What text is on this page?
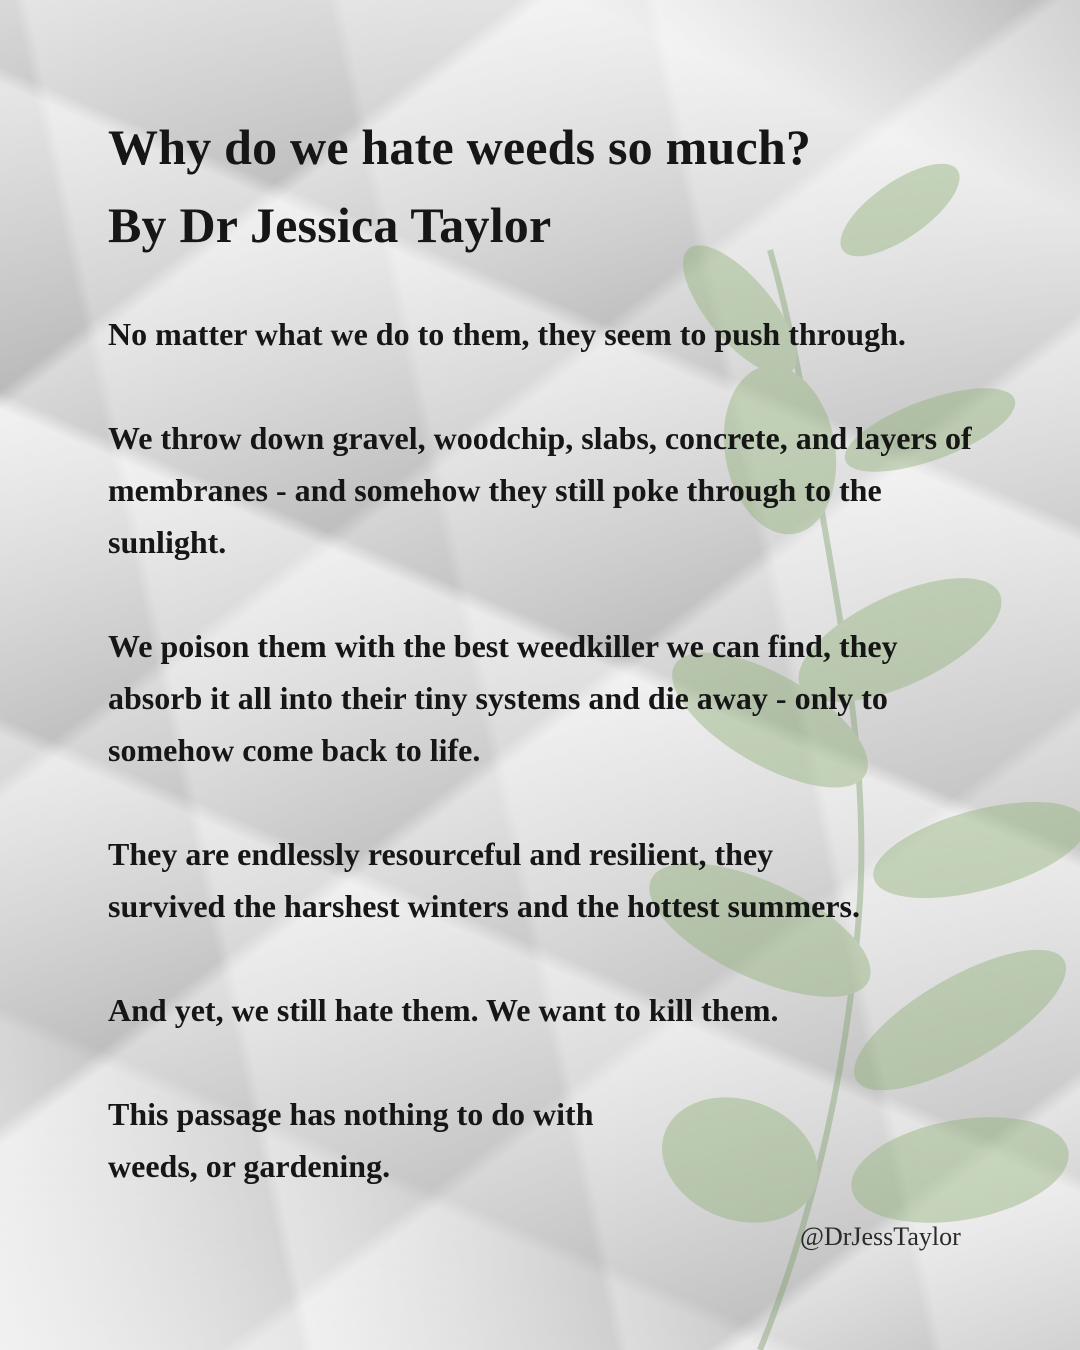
Why do we hate weeds so much?
By Dr Jessica Taylor

No matter what we do to them, they seem to push through.

We throw down gravel, woodchip, slabs, concrete, and layers of membranes - and somehow they still poke through to the sunlight.

We poison them with the best weedkiller we can find, they absorb it all into their tiny systems and die away - only to somehow come back to life.

They are endlessly resourceful and resilient, they survived the harshest winters and the hottest summers.

And yet, we still hate them. We want to kill them.

This passage has nothing to do with weeds, or gardening.

@DrJessTaylor
